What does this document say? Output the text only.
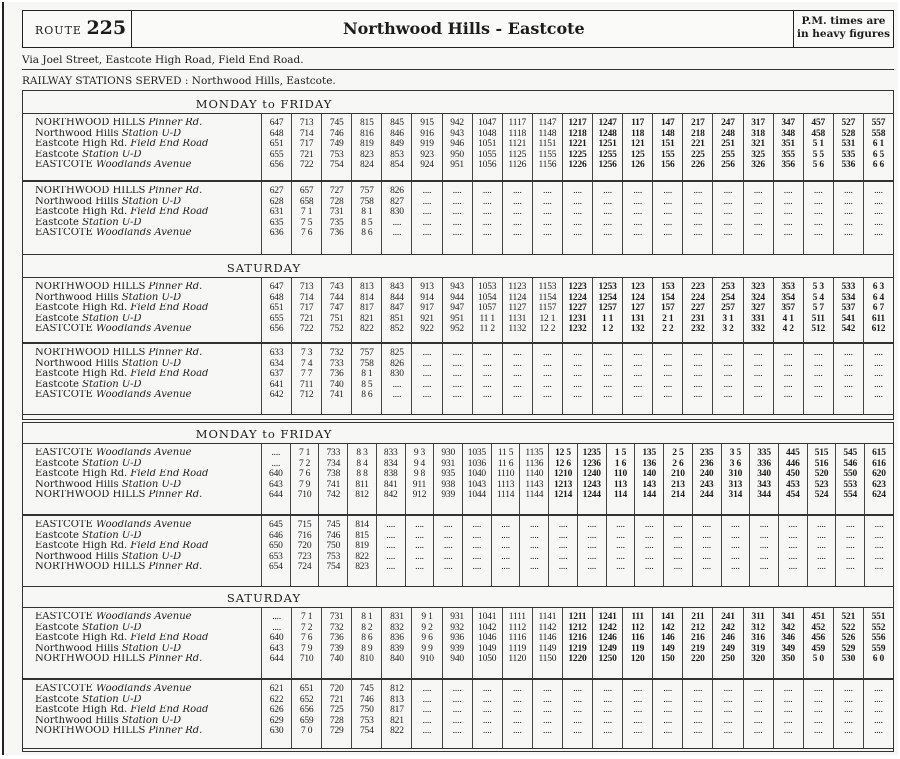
ROUTE 225	Northwood Hills - Eastcote	P.M. times are
in heavy figures
Via Joel Street, Eastcote High Road, Field End Road.
RAILWAY STATIONS SERVED : Northwood Hills, Eastcote.
MONDAY to FRIDAY
NORTHWOOD HILLS Pinner Rd.
Northwood Hills Station U-D
Eastcote High Rd. Field End Road
Eastcote Station U-D
EASTCOTE Woodlands Avenue
647
648
651
655
656
713
714
717
721
722
745
746
749
753
754
815
816
819
823
824
845
846
849
853
854
915
916
919
923
924
942
943
946
950
951
1047
1048
1051
1055
1056
1117
1118
1121
1125
1126
1147
1148
1151
1155
1156
1217
1218
1221
1225
1226
1247
1248
1251
1255
1256
117
118
121
125
126
147
148
151
155
156
217
218
221
225
226
247
248
251
255
256
317
318
321
325
326
347
348
351
355
356
457
458
5 1
5 5
5 6
527
528
531
535
536
557
558
6 1
6 5
6 6
NORTHWOOD HILLS Pinner Rd.
Northwood Hills Station U-D
Eastcote High Rd. Field End Road
Eastcote Station U-D
EASTCOTE Woodlands Avenue
627
628
631
635
636
657
658
7 1
7 5
7 6
727
728
731
735
736
757
758
8 1
8 5
8 6
826
827
830
....
....
....
....
....
....
....
....
....
....
....
....
....
....
....
....
....
....
....
....
....
....
....
....
....
....
....
....
....
....
....
....
....
....
....
....
....
....
....
....
....
....
....
....
....
....
....
....
....
....
....
....
....
....
....
....
....
....
....
....
....
....
....
....
....
....
....
....
....
....
....
....
....
....
....
....
....
....
....
....
....
....
SATURDAY
NORTHWOOD HILLS Pinner Rd.
Northwood Hills Station U-D
Eastcote High Rd. Field End Road
Eastcote Station U-D
EASTCOTE Woodlands Avenue
647
648
651
655
656
713
714
717
721
722
743
744
747
751
752
813
814
817
821
822
843
844
847
851
852
913
914
917
921
922
943
944
947
951
952
1053
1054
1057
11 1
11 2
1123
1124
1127
1131
1132
1153
1154
1157
12 1
12 2
1223
1224
1227
1231
1232
1253
1254
1257
1 1
1 2
123
124
127
131
132
153
154
157
2 1
2 2
223
224
227
231
232
253
254
257
3 1
3 2
323
324
327
331
332
353
354
357
4 1
4 2
5 3
5 4
5 7
511
512
533
534
537
541
542
6 3
6 4
6 7
611
612
NORTHWOOD HILLS Pinner Rd.
Northwood Hills Station U-D
Eastcote High Rd. Field End Road
Eastcote Station U-D
EASTCOTE Woodlands Avenue
633
634
637
641
642
7 3
7 4
7 7
711
712
732
733
736
740
741
757
758
8 1
8 5
8 6
825
826
830
....
....
....
....
....
....
....
....
....
....
....
....
....
....
....
....
....
....
....
....
....
....
....
....
....
....
....
....
....
....
....
....
....
....
....
....
....
....
....
....
....
....
....
....
....
....
....
....
....
....
....
....
....
....
....
....
....
....
....
....
....
....
....
....
....
....
....
....
....
....
....
....
....
....
....
....
....
....
....
....
....
....
MONDAY to FRIDAY
EASTCOTE Woodlands Avenue
Eastcote Station U-D
Eastcote High Rd. Field End Road
Northwood Hills Station U-D
NORTHWOOD HILLS Pinner Rd.
....
....
640
643
644
7 1
7 2
7 6
7 9
710
733
734
738
741
742
8 3
8 4
8 8
811
812
833
834
838
841
842
9 3
9 4
9 8
911
912
930
931
935
938
939
1035
1036
1040
1043
1044
11 5
11 6
1110
1113
1114
1135
1136
1140
1143
1144
12 5
12 6
1210
1213
1214
1235
1236
1240
1243
1244
1 5
1 6
110
113
114
135
136
140
143
144
2 5
2 6
210
213
214
235
236
240
243
244
3 5
3 6
310
313
314
335
336
340
343
344
445
446
450
453
454
515
516
520
523
524
545
546
550
553
554
615
616
620
623
624
EASTCOTE Woodlands Avenue
Eastcote Station U-D
Eastcote High Rd. Field End Road
Northwood Hills Station U-D
NORTHWOOD HILLS Pinner Rd.
645
646
650
653
654
715
716
720
723
724
745
746
750
753
754
814
815
819
822
823
....
....
....
....
....
....
....
....
....
....
....
....
....
....
....
....
....
....
....
....
....
....
....
....
....
....
....
....
....
....
....
....
....
....
....
....
....
....
....
....
....
....
....
....
....
....
....
....
....
....
....
....
....
....
....
....
....
....
....
....
....
....
....
....
....
....
....
....
....
....
....
....
....
....
....
....
....
....
....
....
....
....
....
....
....
....
....
....
....
....
SATURDAY
EASTCOTE Woodlands Avenue
Eastcote Station U-D
Eastcote High Rd. Field End Road
Northwood Hills Station U-D
NORTHWOOD HILLS Pinner Rd.
....
....
640
643
644
7 1
7 2
7 6
7 9
710
731
732
736
739
740
8 1
8 2
8 6
8 9
810
831
832
836
839
840
9 1
9 2
9 6
9 9
910
931
932
936
939
940
1041
1042
1046
1049
1050
1111
1112
1116
1119
1120
1141
1142
1146
1149
1150
1211
1212
1216
1219
1220
1241
1242
1246
1249
1250
111
112
116
119
120
141
142
146
149
150
211
212
216
219
220
241
242
246
249
250
311
312
316
319
320
341
342
346
349
350
451
452
456
459
5 0
521
522
526
529
530
551
552
556
559
6 0
EASTCOTE Woodlands Avenue
Eastcote Station U-D
Eastcote High Rd. Field End Road
Northwood Hills Station U-D
NORTHWOOD HILLS Pinner Rd.
621
622
626
629
630
651
652
656
659
7 0
720
721
725
728
729
745
746
750
753
754
812
813
817
821
822
....
....
....
....
....
....
....
....
....
....
....
....
....
....
....
....
....
....
....
....
....
....
....
....
....
....
....
....
....
....
....
....
....
....
....
....
....
....
....
....
....
....
....
....
....
....
....
....
....
....
....
....
....
....
....
....
....
....
....
....
....
....
....
....
....
....
....
....
....
....
....
....
....
....
....
....
....
....
....
....
